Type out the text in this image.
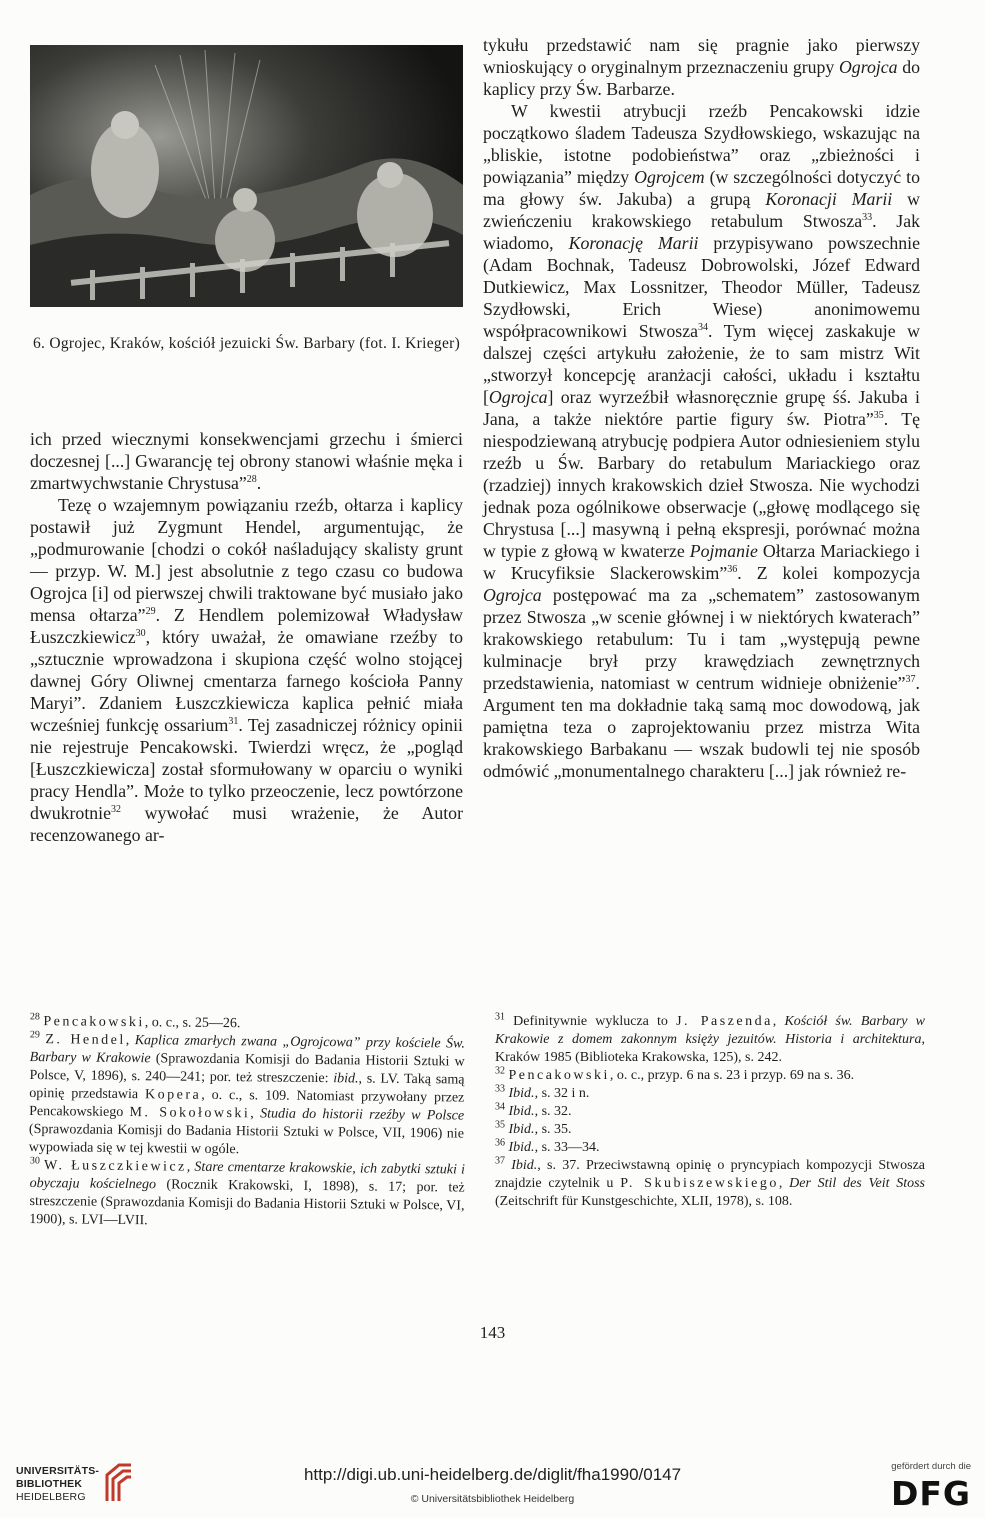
6. Ogrojec, Kraków, kościół jezuicki Św. Barbary (fot. I. Krieger)

ich przed wiecznymi konsekwencjami grzechu i śmierci doczesnej [...] Gwarancję tej obrony stanowi właśnie męka i zmartwychwstanie Chrystusa”$^{28}$.

Tezę o wzajemnym powiązaniu rzeźb, ołtarza i kaplicy postawił już Zygmunt Hendel, argumentując, że „podmurowanie [chodzi o cokół naśladujący skalisty grunt — przyp. W. M.] jest absolutnie z tego czasu co budowa Ogrojca [i] od pierwszej chwili traktowane być musiało jako mensa ołtarza”$^{29}$. Z Hendlem polemizował Władysław Łuszczkiewicz$^{30}$, który uważał, że omawiane rzeźby to „sztucznie wprowadzona i skupiona część wolno stojącej dawnej Góry Oliwnej cmentarza farnego kościoła Panny Maryi”. Zdaniem Łuszczkiewicza kaplica pełnić miała wcześniej funkcję ossarium$^{31}$. Tej zasadniczej różnicy opinii nie rejestruje Pencakowski. Twierdzi wręcz, że „pogląd [Łuszczkiewicza] został sformułowany w oparciu o wyniki pracy Hendla”. Może to tylko przeoczenie, lecz powtórzone dwukrotnie$^{32}$ wywołać musi wrażenie, że Autor recenzowanego ar-

tykułu przedstawić nam się pragnie jako pierwszy wnioskujący o oryginalnym przeznaczeniu grupy Ogrojca do kaplicy przy Św. Barbarze.

W kwestii atrybucji rzeźb Pencakowski idzie początkowo śladem Tadeusza Szydłowskiego, wskazując na „bliskie, istotne podobieństwa” oraz „zbieżności i powiązania” między Ogrojcem (w szczególności dotyczyć to ma głowy św. Jakuba) a grupą Koronacji Marii w zwieńczeniu krakowskiego retabulum Stwosza$^{33}$. Jak wiadomo, Koronację Marii przypisywano powszechnie (Adam Bochnak, Tadeusz Dobrowolski, Józef Edward Dutkiewicz, Max Lossnitzer, Theodor Müller, Tadeusz Szydłowski, Erich Wiese) anonimowemu współpracownikowi Stwosza$^{34}$. Tym więcej zaskakuje w dalszej części artykułu założenie, że to sam mistrz Wit „stworzył koncepcję aranżacji całości, układu i kształtu [Ogrojca] oraz wyrzeźbił własnoręcznie grupę śś. Jakuba i Jana, a także niektóre partie figury św. Piotra”$^{35}$. Tę niespodziewaną atrybucję podpiera Autor odniesieniem stylu rzeźb u Św. Barbary do retabulum Mariackiego oraz (rzadziej) innych krakowskich dzieł Stwosza. Nie wychodzi jednak poza ogólnikowe obserwacje („głowę modlącego się Chrystusa [...] masywną i pełną ekspresji, porównać można w typie z głową w kwaterze Pojmanie Ołtarza Mariackiego i w Krucyfiksie Slackerowskim”$^{36}$. Z kolei kompozycja Ogrojca postępować ma za „schematem” zastosowanym przez Stwosza „w scenie głównej i w niektórych kwaterach” krakowskiego retabulum: Tu i tam „występują pewne kulminacje brył przy krawędziach zewnętrznych przedstawienia, natomiast w centrum widnieje obniżenie”$^{37}$. Argument ten ma dokładnie taką samą moc dowodową, jak pamiętna teza o zaprojektowaniu przez mistrza Wita krakowskiego Barbakanu — wszak budowli tej nie sposób odmówić „monumentalnego charakteru [...] jak również re-

$^{28}$ Pencakowski, o. c., s. 25—26.

$^{29}$ Z. Hendel, Kaplica zmarłych zwana „Ogrojcowa” przy kościele Św. Barbary w Krakowie (Sprawozdania Komisji do Badania Historii Sztuki w Polsce, V, 1896), s. 240—241; por. też streszczenie: ibid., s. LV. Taką samą opinię przedstawia Kopera, o. c., s. 109. Natomiast przywołany przez Pencakowskiego M. Sokołowski, Studia do historii rzeźby w Polsce (Sprawozdania Komisji do Badania Historii Sztuki w Polsce, VII, 1906) nie wypowiada się w tej kwestii w ogóle.

$^{30}$ W. Łuszczkiewicz, Stare cmentarze krakowskie, ich zabytki sztuki i obyczaju kościelnego (Rocznik Krakowski, I, 1898), s. 17; por. też streszczenie (Sprawozdania Komisji do Badania Historii Sztuki w Polsce, VI, 1900), s. LVI—LVII.

$^{31}$ Definitywnie wyklucza to J. Paszenda, Kościół św. Barbary w Krakowie z domem zakonnym księży jezuitów. Historia i architektura, Kraków 1985 (Biblioteka Krakowska, 125), s. 242.

$^{32}$ Pencakowski, o. c., przyp. 6 na s. 23 i przyp. 69 na s. 36.

$^{33}$ Ibid., s. 32 i n.

$^{34}$ Ibid., s. 32.

$^{35}$ Ibid., s. 35.

$^{36}$ Ibid., s. 33—34.

$^{37}$ Ibid., s. 37. Przeciwstawną opinię o pryncypiach kompozycji Stwosza znajdzie czytelnik u P. Skubiszewskiego, Der Stil des Veit Stoss (Zeitschrift für Kunstgeschichte, XLII, 1978), s. 108.

143
UNIVERSITÄTS-
BIBLIOTHEK
HEIDELBERG
http://digi.ub.uni-heidelberg.de/diglit/fha1990/0147
© Universitätsbibliothek Heidelberg
gefördert durch die
DFG
